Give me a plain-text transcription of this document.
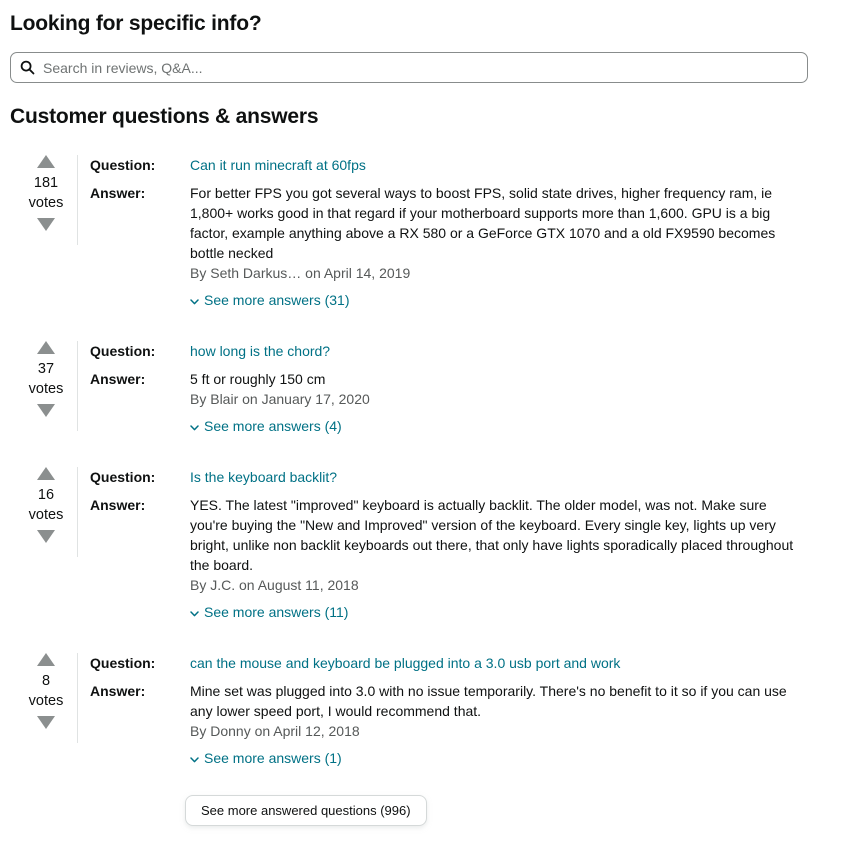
Looking for specific info?
Search in reviews, Q&A...
Customer questions & answers
181
votes
Question:	Can it run minecraft at 60fps
Answer:	For better FPS you got several ways to boost FPS, solid state drives, higher frequency ram, ie 1,800+ works good in that regard if your motherboard supports more than 1,600. GPU is a big factor, example anything above a RX 580 or a GeForce GTX 1070 and a old FX9590 becomes bottle necked
By Seth Darkus… on April 14, 2019
See more answers (31)
37
votes
Question:	how long is the chord?
Answer:	5 ft or roughly 150 cm
By Blair on January 17, 2020
See more answers (4)
16
votes
Question:	Is the keyboard backlit?
Answer:	YES. The latest "improved" keyboard is actually backlit. The older model, was not. Make sure you're buying the "New and Improved" version of the keyboard. Every single key, lights up very bright, unlike non backlit keyboards out there, that only have lights sporadically placed throughout the board.
By J.C. on August 11, 2018
See more answers (11)
8
votes
Question:	can the mouse and keyboard be plugged into a 3.0 usb port and work
Answer:	Mine set was plugged into 3.0 with no issue temporarily. There's no benefit to it so if you can use any lower speed port, I would recommend that.
By Donny on April 12, 2018
See more answers (1)
See more answered questions (996)
